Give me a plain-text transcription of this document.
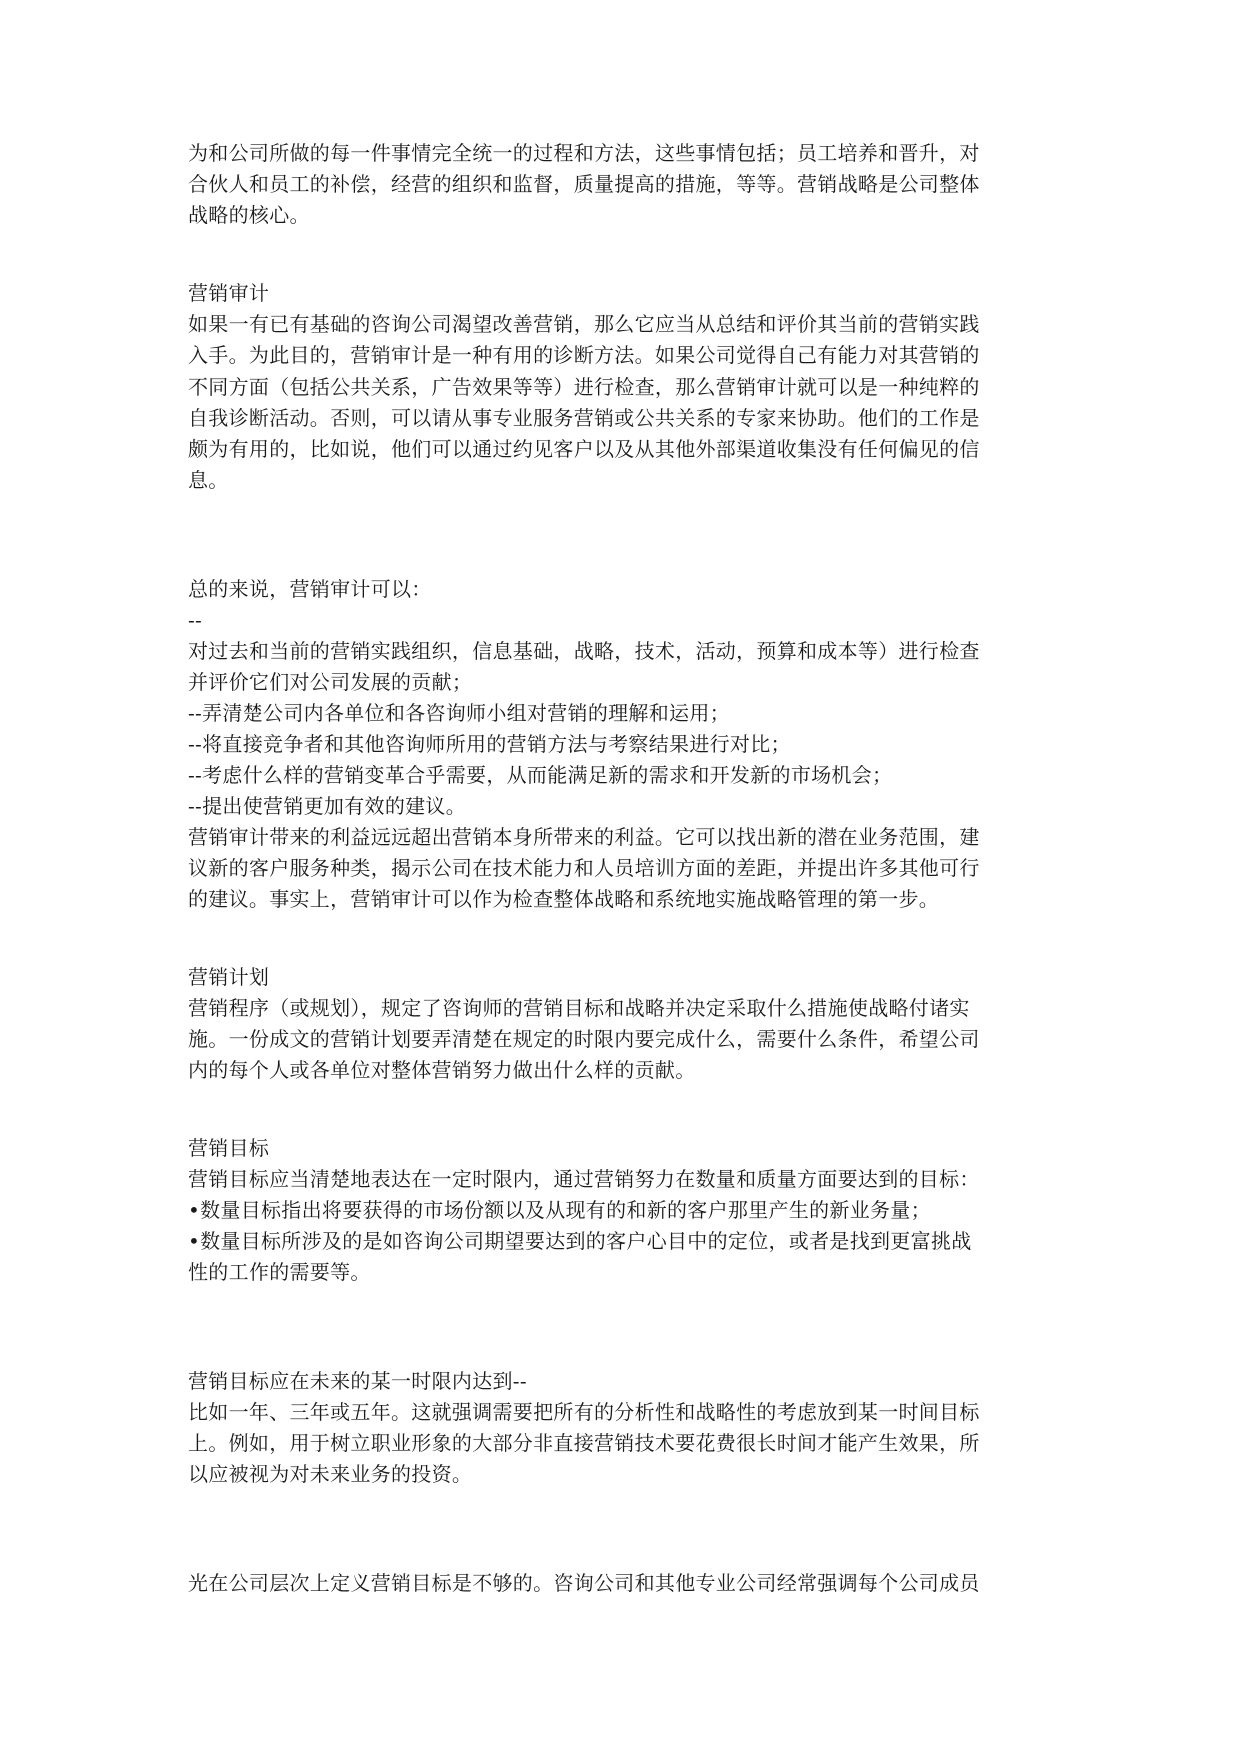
为和公司所做的每一件事情完全统一的过程和方法，这些事情包括；员工培养和晋升，对
合伙人和员工的补偿，经营的组织和监督，质量提高的措施，等等。营销战略是公司整体
战略的核心。
营销审计
如果一有已有基础的咨询公司渴望改善营销，那么它应当从总结和评价其当前的营销实践
入手。为此目的，营销审计是一种有用的诊断方法。如果公司觉得自己有能力对其营销的
不同方面（包括公共关系，广告效果等等）进行检查，那么营销审计就可以是一种纯粹的
自我诊断活动。否则，可以请从事专业服务营销或公共关系的专家来协助。他们的工作是
颇为有用的，比如说，他们可以通过约见客户以及从其他外部渠道收集没有任何偏见的信
息。
总的来说，营销审计可以：
--
对过去和当前的营销实践组织，信息基础，战略，技术，活动，预算和成本等）进行检查
并评价它们对公司发展的贡献；
--弄清楚公司内各单位和各咨询师小组对营销的理解和运用；
--将直接竞争者和其他咨询师所用的营销方法与考察结果进行对比；
--考虑什么样的营销变革合乎需要，从而能满足新的需求和开发新的市场机会；
--提出使营销更加有效的建议。
营销审计带来的利益远远超出营销本身所带来的利益。它可以找出新的潜在业务范围，建
议新的客户服务种类，揭示公司在技术能力和人员培训方面的差距，并提出许多其他可行
的建议。事实上，营销审计可以作为检查整体战略和系统地实施战略管理的第一步。
营销计划
营销程序（或规划），规定了咨询师的营销目标和战略并决定采取什么措施使战略付诸实
施。一份成文的营销计划要弄清楚在规定的时限内要完成什么，需要什么条件，希望公司
内的每个人或各单位对整体营销努力做出什么样的贡献。
营销目标
营销目标应当清楚地表达在一定时限内，通过营销努力在数量和质量方面要达到的目标：
•数量目标指出将要获得的市场份额以及从现有的和新的客户那里产生的新业务量；
•数量目标所涉及的是如咨询公司期望要达到的客户心目中的定位，或者是找到更富挑战
性的工作的需要等。
营销目标应在未来的某一时限内达到--
比如一年、三年或五年。这就强调需要把所有的分析性和战略性的考虑放到某一时间目标
上。例如，用于树立职业形象的大部分非直接营销技术要花费很长时间才能产生效果，所
以应被视为对未来业务的投资。
光在公司层次上定义营销目标是不够的。咨询公司和其他专业公司经常强调每个公司成员
